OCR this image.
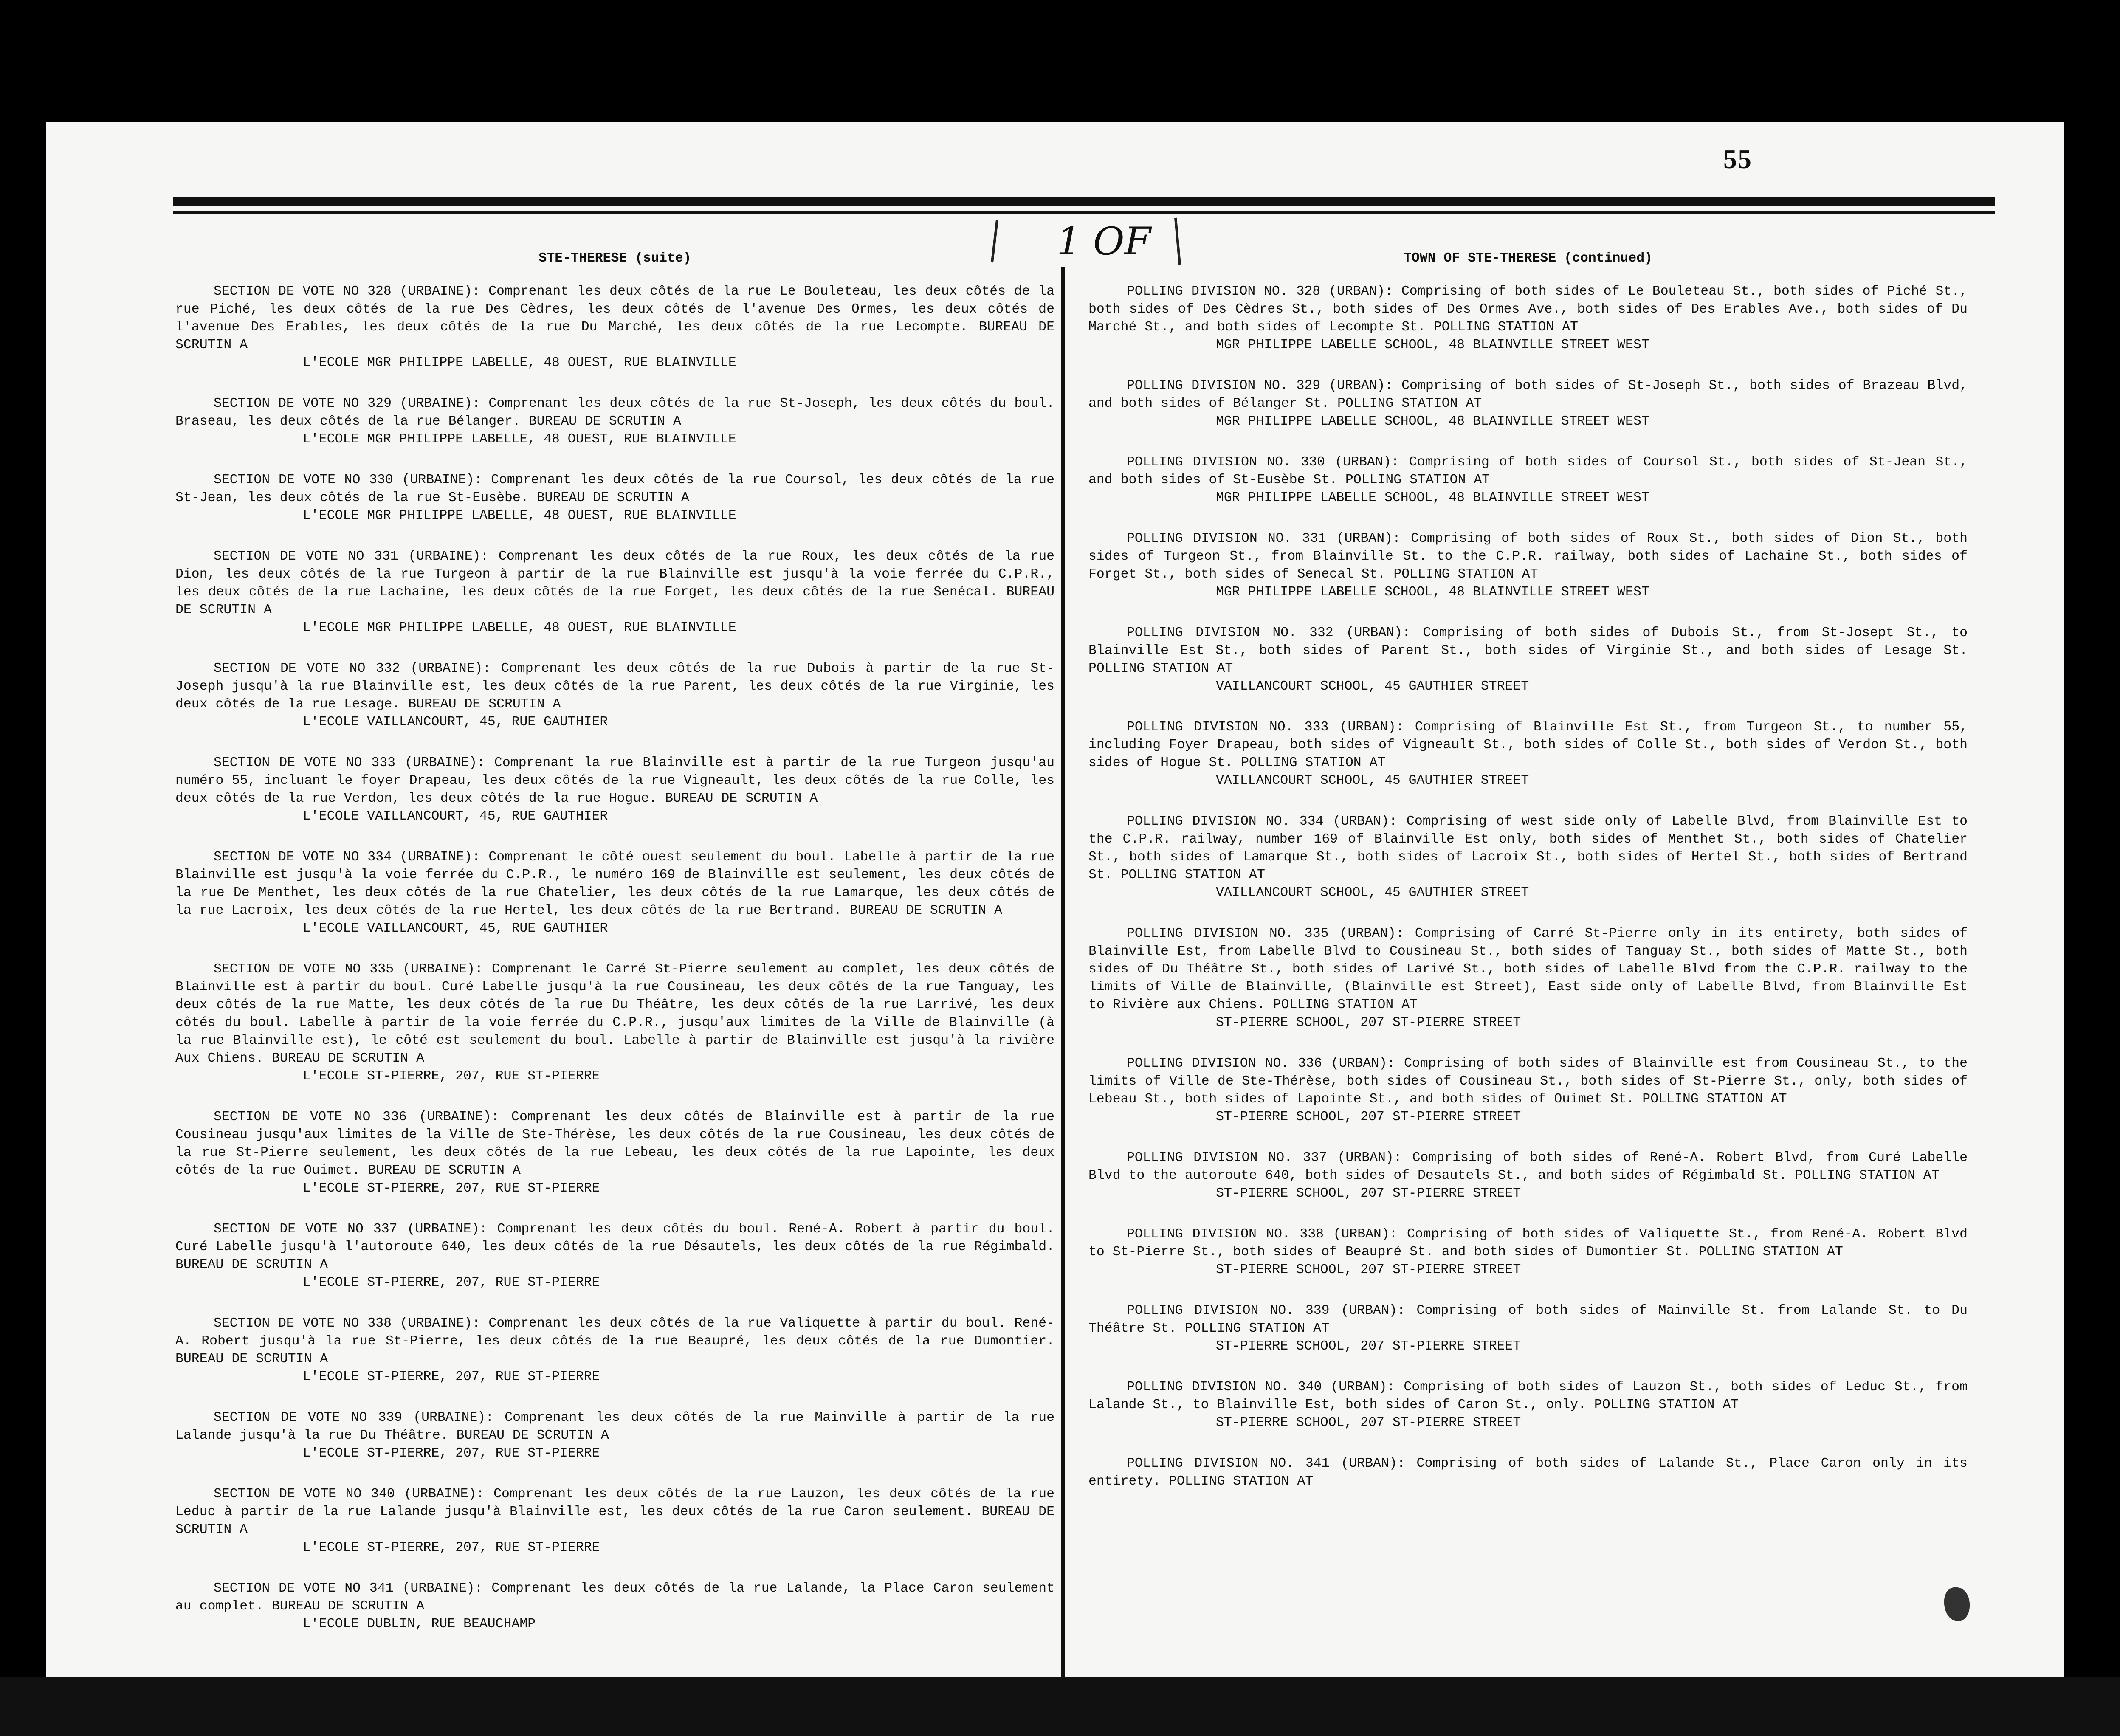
55
1 OF
STE-THERESE (suite)

SECTION DE VOTE NO 328 (URBAINE): Comprenant les deux côtés de la rue Le Bouleteau, les deux côtés de la rue Piché, les deux côtés de la rue Des Cèdres, les deux côtés de l'avenue Des Ormes, les deux côtés de l'avenue Des Erables, les deux côtés de la rue Du Marché, les deux côtés de la rue Lecompte. BUREAU DE SCRUTIN A

L'ECOLE MGR PHILIPPE LABELLE, 48 OUEST, RUE BLAINVILLE

SECTION DE VOTE NO 329 (URBAINE): Comprenant les deux côtés de la rue St-Joseph, les deux côtés du boul. Braseau, les deux côtés de la rue Bélanger. BUREAU DE SCRUTIN A

L'ECOLE MGR PHILIPPE LABELLE, 48 OUEST, RUE BLAINVILLE

SECTION DE VOTE NO 330 (URBAINE): Comprenant les deux côtés de la rue Coursol, les deux côtés de la rue St-Jean, les deux côtés de la rue St-Eusèbe. BUREAU DE SCRUTIN A

L'ECOLE MGR PHILIPPE LABELLE, 48 OUEST, RUE BLAINVILLE

SECTION DE VOTE NO 331 (URBAINE): Comprenant les deux côtés de la rue Roux, les deux côtés de la rue Dion, les deux côtés de la rue Turgeon à partir de la rue Blainville est jusqu'à la voie ferrée du C.P.R., les deux côtés de la rue Lachaine, les deux côtés de la rue Forget, les deux côtés de la rue Senécal. BUREAU DE SCRUTIN A

L'ECOLE MGR PHILIPPE LABELLE, 48 OUEST, RUE BLAINVILLE

SECTION DE VOTE NO 332 (URBAINE): Comprenant les deux côtés de la rue Dubois à partir de la rue St-Joseph jusqu'à la rue Blainville est, les deux côtés de la rue Parent, les deux côtés de la rue Virginie, les deux côtés de la rue Lesage. BUREAU DE SCRUTIN A

L'ECOLE VAILLANCOURT, 45, RUE GAUTHIER

SECTION DE VOTE NO 333 (URBAINE): Comprenant la rue Blainville est à partir de la rue Turgeon jusqu'au numéro 55, incluant le foyer Drapeau, les deux côtés de la rue Vigneault, les deux côtés de la rue Colle, les deux côtés de la rue Verdon, les deux côtés de la rue Hogue. BUREAU DE SCRUTIN A

L'ECOLE VAILLANCOURT, 45, RUE GAUTHIER

SECTION DE VOTE NO 334 (URBAINE): Comprenant le côté ouest seulement du boul. Labelle à partir de la rue Blainville est jusqu'à la voie ferrée du C.P.R., le numéro 169 de Blainville est seulement, les deux côtés de la rue De Menthet, les deux côtés de la rue Chatelier, les deux côtés de la rue Lamarque, les deux côtés de la rue Lacroix, les deux côtés de la rue Hertel, les deux côtés de la rue Bertrand. BUREAU DE SCRUTIN A

L'ECOLE VAILLANCOURT, 45, RUE GAUTHIER

SECTION DE VOTE NO 335 (URBAINE): Comprenant le Carré St-Pierre seulement au complet, les deux côtés de Blainville est à partir du boul. Curé Labelle jusqu'à la rue Cousineau, les deux côtés de la rue Tanguay, les deux côtés de la rue Matte, les deux côtés de la rue Du Théâtre, les deux côtés de la rue Larrivé, les deux côtés du boul. Labelle à partir de la voie ferrée du C.P.R., jusqu'aux limites de la Ville de Blainville (à la rue Blainville est), le côté est seulement du boul. Labelle à partir de Blainville est jusqu'à la rivière Aux Chiens. BUREAU DE SCRUTIN A

L'ECOLE ST-PIERRE, 207, RUE ST-PIERRE

SECTION DE VOTE NO 336 (URBAINE): Comprenant les deux côtés de Blainville est à partir de la rue Cousineau jusqu'aux limites de la Ville de Ste-Thérèse, les deux côtés de la rue Cousineau, les deux côtés de la rue St-Pierre seulement, les deux côtés de la rue Lebeau, les deux côtés de la rue Lapointe, les deux côtés de la rue Ouimet. BUREAU DE SCRUTIN A

L'ECOLE ST-PIERRE, 207, RUE ST-PIERRE

SECTION DE VOTE NO 337 (URBAINE): Comprenant les deux côtés du boul. René-A. Robert à partir du boul. Curé Labelle jusqu'à l'autoroute 640, les deux côtés de la rue Désautels, les deux côtés de la rue Régimbald. BUREAU DE SCRUTIN A

L'ECOLE ST-PIERRE, 207, RUE ST-PIERRE

SECTION DE VOTE NO 338 (URBAINE): Comprenant les deux côtés de la rue Valiquette à partir du boul. René-A. Robert jusqu'à la rue St-Pierre, les deux côtés de la rue Beaupré, les deux côtés de la rue Dumontier. BUREAU DE SCRUTIN A

L'ECOLE ST-PIERRE, 207, RUE ST-PIERRE

SECTION DE VOTE NO 339 (URBAINE): Comprenant les deux côtés de la rue Mainville à partir de la rue Lalande jusqu'à la rue Du Théâtre. BUREAU DE SCRUTIN A

L'ECOLE ST-PIERRE, 207, RUE ST-PIERRE

SECTION DE VOTE NO 340 (URBAINE): Comprenant les deux côtés de la rue Lauzon, les deux côtés de la rue Leduc à partir de la rue Lalande jusqu'à Blainville est, les deux côtés de la rue Caron seulement. BUREAU DE SCRUTIN A

L'ECOLE ST-PIERRE, 207, RUE ST-PIERRE

SECTION DE VOTE NO 341 (URBAINE): Comprenant les deux côtés de la rue Lalande, la Place Caron seulement au complet. BUREAU DE SCRUTIN A

L'ECOLE DUBLIN, RUE BEAUCHAMP

TOWN OF STE-THERESE (continued)

POLLING DIVISION NO. 328 (URBAN): Comprising of both sides of Le Bouleteau St., both sides of Piché St., both sides of Des Cèdres St., both sides of Des Ormes Ave., both sides of Des Erables Ave., both sides of Du Marché St., and both sides of Lecompte St. POLLING STATION AT

MGR PHILIPPE LABELLE SCHOOL, 48 BLAINVILLE STREET WEST

POLLING DIVISION NO. 329 (URBAN): Comprising of both sides of St-Joseph St., both sides of Brazeau Blvd, and both sides of Bélanger St. POLLING STATION AT

MGR PHILIPPE LABELLE SCHOOL, 48 BLAINVILLE STREET WEST

POLLING DIVISION NO. 330 (URBAN): Comprising of both sides of Coursol St., both sides of St-Jean St., and both sides of St-Eusèbe St. POLLING STATION AT

MGR PHILIPPE LABELLE SCHOOL, 48 BLAINVILLE STREET WEST

POLLING DIVISION NO. 331 (URBAN): Comprising of both sides of Roux St., both sides of Dion St., both sides of Turgeon St., from Blainville St. to the C.P.R. railway, both sides of Lachaine St., both sides of Forget St., both sides of Senecal St. POLLING STATION AT

MGR PHILIPPE LABELLE SCHOOL, 48 BLAINVILLE STREET WEST

POLLING DIVISION NO. 332 (URBAN): Comprising of both sides of Dubois St., from St-Josept St., to Blainville Est St., both sides of Parent St., both sides of Virginie St., and both sides of Lesage St. POLLING STATION AT

VAILLANCOURT SCHOOL, 45 GAUTHIER STREET

POLLING DIVISION NO. 333 (URBAN): Comprising of Blainville Est St., from Turgeon St., to number 55, including Foyer Drapeau, both sides of Vigneault St., both sides of Colle St., both sides of Verdon St., both sides of Hogue St. POLLING STATION AT

VAILLANCOURT SCHOOL, 45 GAUTHIER STREET

POLLING DIVISION NO. 334 (URBAN): Comprising of west side only of Labelle Blvd, from Blainville Est to the C.P.R. railway, number 169 of Blainville Est only, both sides of Menthet St., both sides of Chatelier St., both sides of Lamarque St., both sides of Lacroix St., both sides of Hertel St., both sides of Bertrand St. POLLING STATION AT

VAILLANCOURT SCHOOL, 45 GAUTHIER STREET

POLLING DIVISION NO. 335 (URBAN): Comprising of Carré St-Pierre only in its entirety, both sides of Blainville Est, from Labelle Blvd to Cousineau St., both sides of Tanguay St., both sides of Matte St., both sides of Du Théâtre St., both sides of Larivé St., both sides of Labelle Blvd from the C.P.R. railway to the limits of Ville de Blainville, (Blainville est Street), East side only of Labelle Blvd, from Blainville Est to Rivière aux Chiens. POLLING STATION AT

ST-PIERRE SCHOOL, 207 ST-PIERRE STREET

POLLING DIVISION NO. 336 (URBAN): Comprising of both sides of Blainville est from Cousineau St., to the limits of Ville de Ste-Thérèse, both sides of Cousineau St., both sides of St-Pierre St., only, both sides of Lebeau St., both sides of Lapointe St., and both sides of Ouimet St. POLLING STATION AT

ST-PIERRE SCHOOL, 207 ST-PIERRE STREET

POLLING DIVISION NO. 337 (URBAN): Comprising of both sides of René-A. Robert Blvd, from Curé Labelle Blvd to the autoroute 640, both sides of Desautels St., and both sides of Régimbald St. POLLING STATION AT

ST-PIERRE SCHOOL, 207 ST-PIERRE STREET

POLLING DIVISION NO. 338 (URBAN): Comprising of both sides of Valiquette St., from René-A. Robert Blvd to St-Pierre St., both sides of Beaupré St. and both sides of Dumontier St. POLLING STATION AT

ST-PIERRE SCHOOL, 207 ST-PIERRE STREET

POLLING DIVISION NO. 339 (URBAN): Comprising of both sides of Mainville St. from Lalande St. to Du Théâtre St. POLLING STATION AT

ST-PIERRE SCHOOL, 207 ST-PIERRE STREET

POLLING DIVISION NO. 340 (URBAN): Comprising of both sides of Lauzon St., both sides of Leduc St., from Lalande St., to Blainville Est, both sides of Caron St., only. POLLING STATION AT

ST-PIERRE SCHOOL, 207 ST-PIERRE STREET

POLLING DIVISION NO. 341 (URBAN): Comprising of both sides of Lalande St., Place Caron only in its entirety. POLLING STATION AT
